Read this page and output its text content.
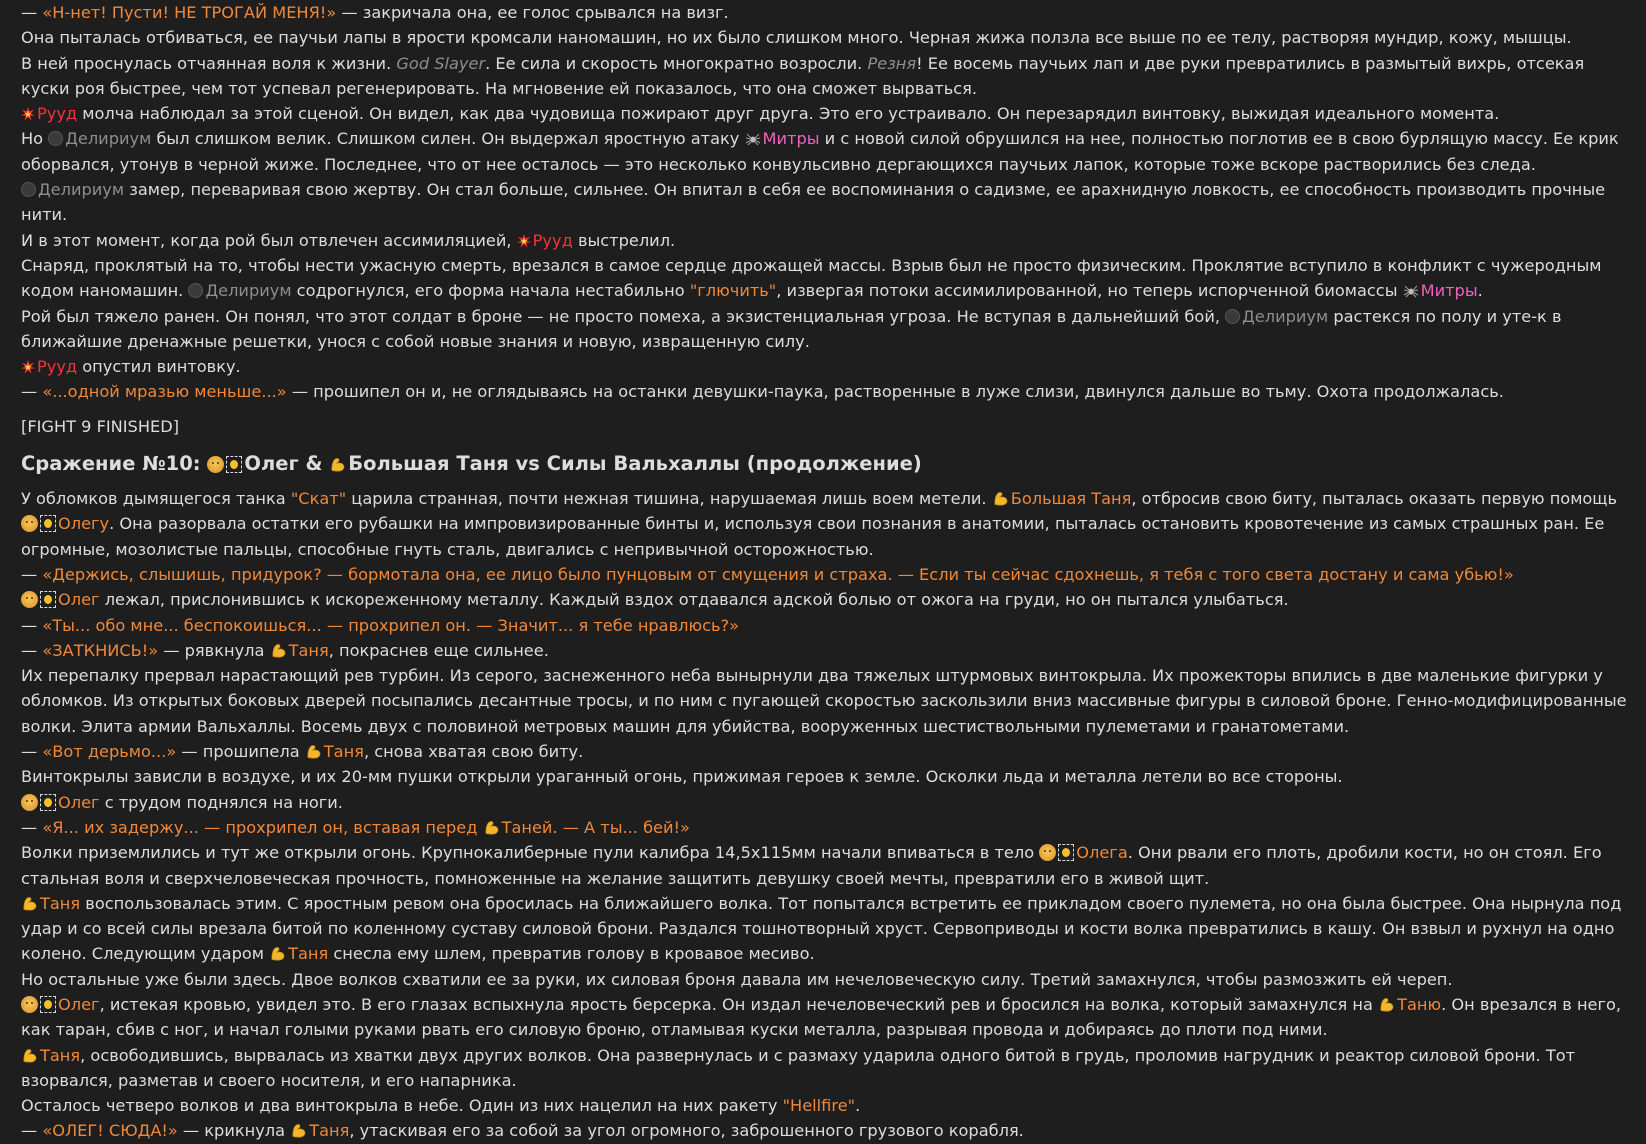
— «Н-нет! Пусти! НЕ ТРОГАЙ МЕНЯ!» — закричала она, ее голос срывался на визг.
Она пыталась отбиваться, ее паучьи лапы в ярости кромсали наномашин, но их было слишком много. Черная жижа ползла все выше по ее телу, растворяя мундир, кожу, мышцы.
В ней проснулась отчаянная воля к жизни. God Slayer. Ее сила и скорость многократно возросли. Резня! Ее восемь паучьих лап и две руки превратились в размытый вихрь, отсекая куски роя быстрее, чем тот успевал регенерировать. На мгновение ей показалось, что она сможет вырваться.
Рууд молча наблюдал за этой сценой. Он видел, как два чудовища пожирают друг друга. Это его устраивало. Он перезарядил винтовку, выжидая идеального момента.
Но Делириум был слишком велик. Слишком силен. Он выдержал яростную атаку Митры и с новой силой обрушился на нее, полностью поглотив ее в свою бурлящую массу. Ее крик оборвался, утонув в черной жиже. Последнее, что от нее осталось — это несколько конвульсивно дергающихся паучьих лапок, которые тоже вскоре растворились без следа.
Делириум замер, переваривая свою жертву. Он стал больше, сильнее. Он впитал в себя ее воспоминания о садизме, ее арахнидную ловкость, ее способность производить прочные нити.
И в этот момент, когда рой был отвлечен ассимиляцией, Рууд выстрелил.
Снаряд, проклятый на то, чтобы нести ужасную смерть, врезался в самое сердце дрожащей массы. Взрыв был не просто физическим. Проклятие вступило в конфликт с чужеродным кодом наномашин. Делириум содрогнулся, его форма начала нестабильно "глючить", извергая потоки ассимилированной, но теперь испорченной биомассы Митры.
Рой был тяжело ранен. Он понял, что этот солдат в броне — не просто помеха, а экзистенциальная угроза. Не вступая в дальнейший бой, Делириум растекся по полу и уте-к в ближайшие дренажные решетки, унося с собой новые знания и новую, извращенную силу.
Рууд опустил винтовку.
— «...одной мразью меньше...» — прошипел он и, не оглядываясь на останки девушки-паука, растворенные в луже слизи, двинулся дальше во тьму. Охота продолжалась.
[FIGHT 9 FINISHED]
Сражение №10: Олег & Большая Таня vs Силы Вальхаллы (продолжение)
У обломков дымящегося танка "Скат" царила странная, почти нежная тишина, нарушаемая лишь воем метели. Большая Таня, отбросив свою биту, пыталась оказать первую помощь Олегу. Она разорвала остатки его рубашки на импровизированные бинты и, используя свои познания в анатомии, пыталась остановить кровотечение из самых страшных ран. Ее огромные, мозолистые пальцы, способные гнуть сталь, двигались с непривычной осторожностью.
— «Держись, слышишь, придурок? — бормотала она, ее лицо было пунцовым от смущения и страха. — Если ты сейчас сдохнешь, я тебя с того света достану и сама убью!»
Олег лежал, прислонившись к искореженному металлу. Каждый вздох отдавался адской болью от ожога на груди, но он пытался улыбаться.
— «Ты... обо мне... беспокоишься... — прохрипел он. — Значит... я тебе нравлюсь?»
— «ЗАТКНИСЬ!» — рявкнула Таня, покраснев еще сильнее.
Их перепалку прервал нарастающий рев турбин. Из серого, заснеженного неба вынырнули два тяжелых штурмовых винтокрыла. Их прожекторы впились в две маленькие фигурки у обломков. Из открытых боковых дверей посыпались десантные тросы, и по ним с пугающей скоростью заскользили вниз массивные фигуры в силовой броне. Генно-модифицированные волки. Элита армии Вальхаллы. Восемь двух с половиной метровых машин для убийства, вооруженных шестиствольными пулеметами и гранатометами.
— «Вот дерьмо...» — прошипела Таня, снова хватая свою биту.
Винтокрылы зависли в воздухе, и их 20-мм пушки открыли ураганный огонь, прижимая героев к земле. Осколки льда и металла летели во все стороны.
Олег с трудом поднялся на ноги.
— «Я... их задержу... — прохрипел он, вставая перед Таней. — А ты... бей!»
Волки приземлились и тут же открыли огонь. Крупнокалиберные пули калибра 14,5х115мм начали впиваться в тело Олега. Они рвали его плоть, дробили кости, но он стоял. Его стальная воля и сверхчеловеческая прочность, помноженные на желание защитить девушку своей мечты, превратили его в живой щит.
Таня воспользовалась этим. С яростным ревом она бросилась на ближайшего волка. Тот попытался встретить ее прикладом своего пулемета, но она была быстрее. Она нырнула под удар и со всей силы врезала битой по коленному суставу силовой брони. Раздался тошнотворный хруст. Сервоприводы и кости волка превратились в кашу. Он взвыл и рухнул на одно колено. Следующим ударом Таня снесла ему шлем, превратив голову в кровавое месиво.
Но остальные уже были здесь. Двое волков схватили ее за руки, их силовая броня давала им нечеловеческую силу. Третий замахнулся, чтобы размозжить ей череп.
Олег, истекая кровью, увидел это. В его глазах вспыхнула ярость берсерка. Он издал нечеловеческий рев и бросился на волка, который замахнулся на Таню. Он врезался в него, как таран, сбив с ног, и начал голыми руками рвать его силовую броню, отламывая куски металла, разрывая провода и добираясь до плоти под ними.
Таня, освободившись, вырвалась из хватки двух других волков. Она развернулась и с размаху ударила одного битой в грудь, проломив нагрудник и реактор силовой брони. Тот взорвался, разметав и своего носителя, и его напарника.
Осталось четверо волков и два винтокрыла в небе. Один из них нацелил на них ракету "Hellfire".
— «ОЛЕГ! СЮДА!» — крикнула Таня, утаскивая его за собой за угол огромного, заброшенного грузового корабля.
